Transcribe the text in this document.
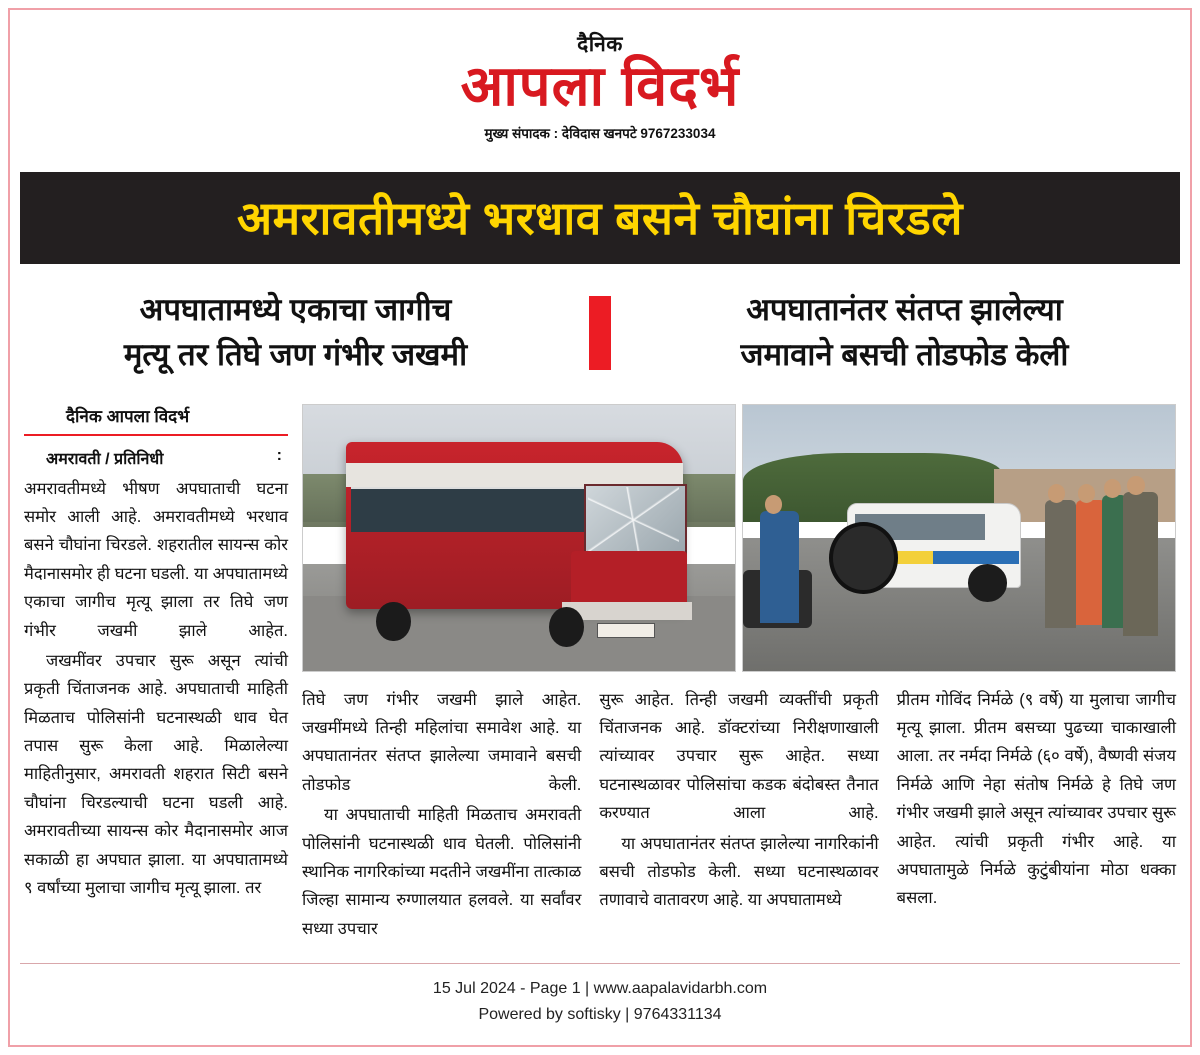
दैनिक
आपला विदर्भ
मुख्य संपादक : देविदास खनपटे 9767233034
अमरावतीमध्ये भरधाव बसने चौघांना चिरडले
अपघातामध्ये एकाचा जागीच
मृत्यू तर तिघे जण गंभीर जखमी
अपघातानंतर संतप्त झालेल्या
जमावाने बसची तोडफोड केली
दैनिक आपला विदर्भ
अमरावती / प्रतिनिधी	:

अमरावतीमध्ये भीषण अपघाताची घटना समोर आली आहे. अमरावतीमध्ये भरधाव बसने चौघांना चिरडले. शहरातील सायन्स कोर मैदानासमोर ही घटना घडली. या अपघातामध्ये एकाचा जागीच मृत्यू झाला तर तिघे जण गंभीर जखमी झाले आहेत.

जखमींवर उपचार सुरू असून त्यांची प्रकृती चिंताजनक आहे. अपघाताची माहिती मिळताच पोलिसांनी घटनास्थळी धाव घेत तपास सुरू केला आहे. मिळालेल्या माहितीनुसार, अमरावती शहरात सिटी बसने चौघांना चिरडल्याची घटना घडली आहे. अमरावतीच्या सायन्स कोर मैदानासमोर आज सकाळी हा अपघात झाला. या अपघातामध्ये ९ वर्षांच्या मुलाचा जागीच मृत्यू झाला. तर

तिघे जण गंभीर जखमी झाले आहेत. जखमींमध्ये तिन्ही महिलांचा समावेश आहे. या अपघातानंतर संतप्त झालेल्या जमावाने बसची तोडफोड केली.

या अपघाताची माहिती मिळताच अमरावती पोलिसांनी घटनास्थळी धाव घेतली. पोलिसांनी स्थानिक नागरिकांच्या मदतीने जखमींना तात्काळ जिल्हा सामान्य रुग्णालयात हलवले. या सर्वांवर सध्या उपचार

सुरू आहेत. तिन्ही जखमी व्यक्तींची प्रकृती चिंताजनक आहे. डॉक्टरांच्या निरीक्षणाखाली त्यांच्यावर उपचार सुरू आहेत. सध्या घटनास्थळावर पोलिसांचा कडक बंदोबस्त तैनात करण्यात आला आहे.

या अपघातानंतर संतप्त झालेल्या नागरिकांनी बसची तोडफोड केली. सध्या घटनास्थळावर तणावाचे वातावरण आहे. या अपघातामध्ये

प्रीतम गोविंद निर्मळे (९ वर्षे) या मुलाचा जागीच मृत्यू झाला. प्रीतम बसच्या पुढच्या चाकाखाली आला. तर नर्मदा निर्मळे (६० वर्षे), वैष्णवी संजय निर्मळे आणि नेहा संतोष निर्मळे हे तिघे जण गंभीर जखमी झाले असून त्यांच्यावर उपचार सुरू आहेत. त्यांची प्रकृती गंभीर आहे. या अपघातामुळे निर्मळे कुटुंबीयांना मोठा धक्का बसला.

15 Jul 2024 - Page 1 | www.aapalavidarbh.com
Powered by softisky | 9764331134
